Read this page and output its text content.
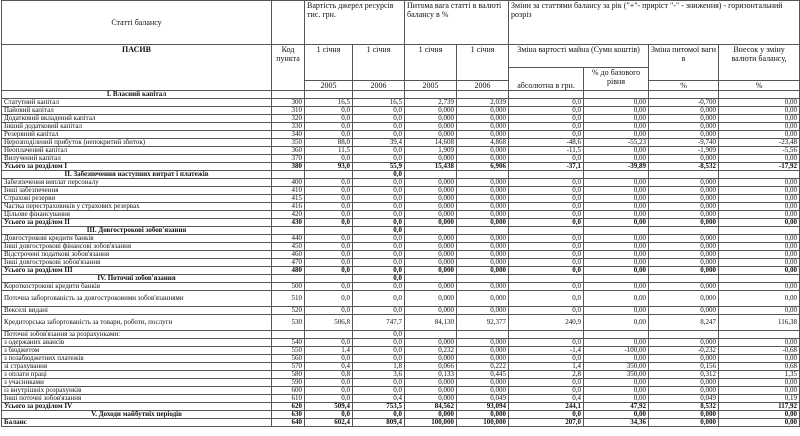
Статті балансу		Вартість джерел ресурсів тис. грн.		Питома вага статті в валюті балансу в %		Зміни за статтями балансу за рік ("+"- приріст "-" - зниження) - горизонтальний розріз			
ПАСИВ	Код пункта	1 січня	1 січня	1 січня	1 січня	Зміна вартості майна (Суми коштів)		Зміна питомої ваги в	Внесок у зміну валюти балансу,
						абсолютна в грн.	% до базового рівня		
		2005	2006	2005	2006			%	%
I. Власний капітал									
Статутний капітал	300	16,5	16,5	2,739	2,039	0,0	0,00	-0,700	0,00
Пайовий капітал	310	0,0	0,0	0,000	0,000	0,0	0,00	0,000	0,00
Додатковий вкладений капітал	320	0,0	0,0	0,000	0,000	0,0	0,00	0,000	0,00
Інший додатковий капітал	330	0,0	0,0	0,000	0,000	0,0	0,00	0,000	0,00
Резервний капітал	340	0,0	0,0	0,000	0,000	0,0	0,00	0,000	0,00
Нерозподілений прибуток (непокритий збиток)	350	88,0	39,4	14,608	4,868	-48,6	-55,23	-9,740	-23,48
Неоплачений капітал	360	11,5	0,0	1,909	0,000	-11,5	0,00	-1,909	-5,56
Вилучений капітал	370	0,0	0,0	0,000	0,000	0,0	0,00	0,000	0,00
Усього за розділом I	380	93,0	55,9	15,438	6,906	-37,1	-39,89	-8,532	-17,92
II. Забезпечення наступних витрат і платежів			0,0						
Забезпечення виплат персоналу	400	0,0	0,0	0,000	0,000	0,0	0,00	0,000	0,00
Інші забезпечення	410	0,0	0,0	0,000	0,000	0,0	0,00	0,000	0,00
Страхові резерви	415	0,0	0,0	0,000	0,000	0,0	0,00	0,000	0,00
Частка перестраховиків у страхових резервах	416	0,0	0,0	0,000	0,000	0,0	0,00	0,000	0,00
Цільове фінансування	420	0,0	0,0	0,000	0,000	0,0	0,00	0,000	0,00
Усього за розділом II	430	0,0	0,0	0,000	0,000	0,0	0,00	0,000	0,00
III. Довгострокові зобов'язання			0,0						
Довгострокові кредити банків	440	0,0	0,0	0,000	0,000	0,0	0,00	0,000	0,00
Інші довгострокові фінансові зобов'язання	450	0,0	0,0	0,000	0,000	0,0	0,00	0,000	0,00
Відстрочені податкові зобов'язання	460	0,0	0,0	0,000	0,000	0,0	0,00	0,000	0,00
Інші довгострокові зобов'язання	470	0,0	0,0	0,000	0,000	0,0	0,00	0,000	0,00
Усього за розділом III	480	0,0	0,0	0,000	0,000	0,0	0,00	0,000	0,00
IV. Поточні зобов'язання			0,0						
Короткострокові кредити банків	500	0,0	0,0	0,000	0,000	0,0	0,00	0,000	0,00
Поточна заборгованість за довгостроковими зобов'язаннями	510	0,0	0,0	0,000	0,000	0,0	0,00	0,000	0,00
Векселі видані	520	0,0	0,0	0,000	0,000	0,0	0,00	0,000	0,00
Кредиторська заборгованість за товари, роботи, послуги	530	506,8	747,7	84,130	92,377	240,9	0,00	8,247	116,38
Поточні зобов'язання за розрахунками:			0,0						
з одержаних авансів	540	0,0	0,0	0,000	0,000	0,0	0,00	0,000	0,00
з бюджетом	550	1,4	0,0	0,232	0,000	-1,4	-100,00	-0,232	-0,68
з позабюджетних платежів	560	0,0	0,0	0,000	0,000	0,0	0,00	0,000	0,00
зі страхування	570	0,4	1,8	0,066	0,222	1,4	350,00	0,156	0,68
з оплати праці	580	0,8	3,6	0,133	0,445	2,8	350,00	0,312	1,35
з учасниками	590	0,0	0,0	0,000	0,000	0,0	0,00	0,000	0,00
із внутрішніх розрахунків	600	0,0	0,0	0,000	0,000	0,0	0,00	0,000	0,00
Інші поточні зобов'язання	610	0,0	0,4	0,000	0,049	0,4	0,00	0,049	0,19
Усього за розділом IV	620	509,4	753,5	84,562	93,094	244,1	47,92	8,532	117,92
V. Доходи майбутніх періодів	630	0,0	0,0	0,000	0,000	0,0	0,00	0,000	0,00
Баланс	640	602,4	809,4	100,000	100,000	207,0	34,36	0,000	0,00
